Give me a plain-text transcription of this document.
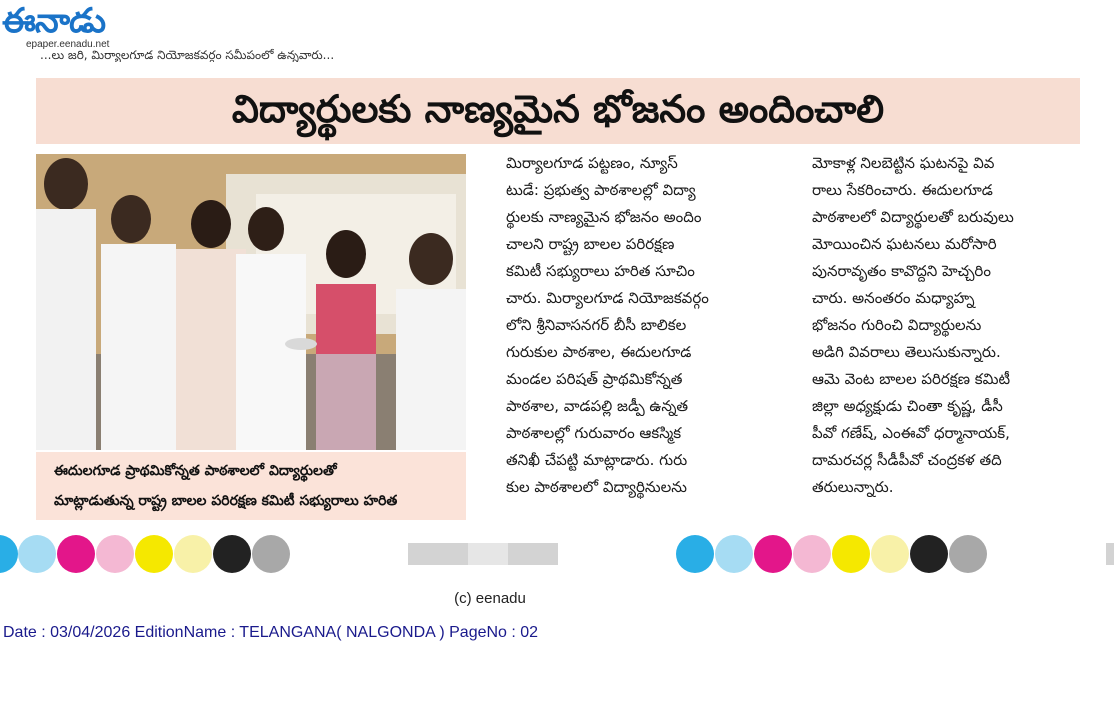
ఈనాడు
epaper.eenadu.net
...లు జరి, మిర్యాలగూడ నియోజకవర్గం సమీపంలో ఉన్నవారు...
విద్యార్థులకు నాణ్యమైన భోజనం అందించాలి

ఈదులగూడ ప్రాథమికోన్నత పాఠశాలలో విద్యార్థులతో

మాట్లాడుతున్న రాష్ట్ర బాలల పరిరక్షణ కమిటీ సభ్యురాలు హరిత

మిర్యాలగూడ పట్టణం, న్యూస్
టుడే: ప్రభుత్వ పాఠశాలల్లో విద్యా
ర్థులకు నాణ్యమైన భోజనం అందిం
చాలని రాష్ట్ర బాలల పరిరక్షణ
కమిటీ సభ్యురాలు హరిత సూచిం
చారు. మిర్యాలగూడ నియోజకవర్గం
లోని శ్రీనివాసనగర్ బీసీ బాలికల
గురుకుల పాఠశాల, ఈదులగూడ
మండల పరిషత్ ప్రాథమికోన్నత
పాఠశాల, వాడపల్లి జడ్పీ ఉన్నత
పాఠశాలల్లో గురువారం ఆకస్మిక
తనిఖీ చేపట్టి మాట్లాడారు. గురు
కుల పాఠశాలలో విద్యార్థినులను
మోకాళ్ల నిలబెట్టిన ఘటనపై వివ
రాలు సేకరించారు. ఈదులగూడ
పాఠశాలలో విద్యార్థులతో బరువులు
మోయించిన ఘటనలు మరోసారి
పునరావృతం కావొద్దని హెచ్చరిం
చారు. అనంతరం మధ్యాహ్న
భోజనం గురించి విద్యార్థులను
అడిగి వివరాలు తెలుసుకున్నారు.
ఆమె వెంట బాలల పరిరక్షణ కమిటీ
జిల్లా అధ్యక్షుడు చింతా కృష్ణ, డీసీ
పీవో గణేష్, ఎంఈవో ధర్మానాయక్,
దామరచర్ల సీడీపీవో చంద్రకళ తది
తరులున్నారు.
(c) eenadu
Date : 03/04/2026 EditionName : TELANGANA( NALGONDA ) PageNo : 02
